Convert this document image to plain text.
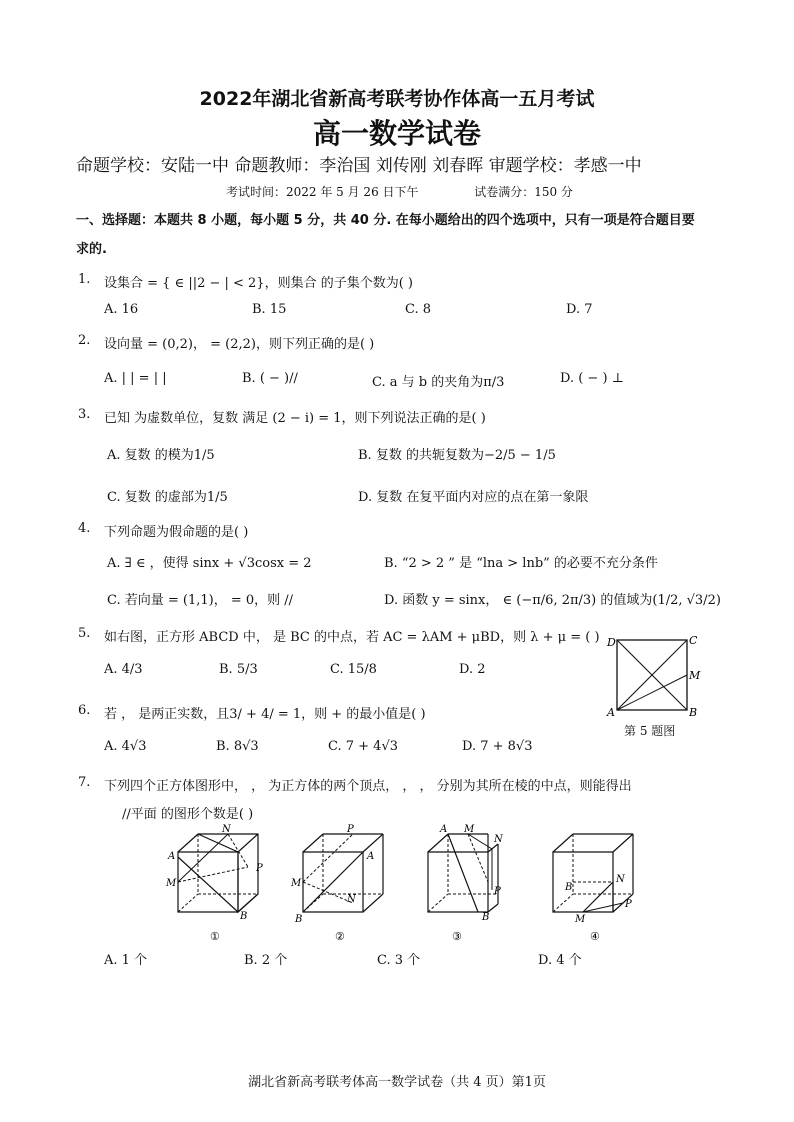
2022年湖北省新高考联考协作体高一五月考试
高一数学试卷
命题学校：安陆一中 命题教师：李治国 刘传刚 刘春晖 审题学校：孝感一中
考试时间：2022 年 5 月 26 日下午	试卷满分：150 分
一、选择题：本题共 8 小题，每小题 5 分，共 40 分. 在每小题给出的四个选项中，只有一项是符合题目要
求的.
1. 设集合 = { ∈ ||2 − | < 2}，则集合 的子集个数为( )
A. 16	B. 15	C. 8	D. 7
2. 设向量 = (0,2)， = (2,2)，则下列正确的是( )
A. | | = | |	B. ( − )//	C. a 与 b 的夹角为π/3	D. ( − ) ⊥
3. 已知 为虚数单位，复数 满足 (2 − i) = 1，则下列说法正确的是( )
A. 复数 的模为1/5	B. 复数 的共轭复数为−2/5 − 1/5
C. 复数 的虚部为1/5	D. 复数 在复平面内对应的点在第一象限
4. 下列命题为假命题的是( )
A. ∃ ∈ ，使得 sinx + √3cosx = 2	B. “2 > 2 ” 是 “lna > lnb” 的必要不充分条件
C. 若向量 = (1,1)， = 0，则 //	D. 函数 y = sinx， ∈ (−π/6, 2π/3) 的值域为(1/2, √3/2)
5. 如右图，正方形 ABCD 中， 是 BC 的中点，若 AC = λAM + μBD，则 λ + μ = ( )
A. 4/3	B. 5/3	C. 15/8	D. 2
D	C
M
A	B
第 5 题图
6. 若 ， 是两正实数，且3/ + 4/ = 1，则 + 的最小值是( )
A. 4√3	B. 8√3	C. 7 + 4√3	D. 7 + 8√3
7. 下列四个正方体图形中， ， 为正方体的两个顶点， ， ， 分别为其所在棱的中点，则能得出
//平面 的图形个数是( )
N
A
M
P
B
①
P
A
M
N
B
②
A M
N
P
B
③
B
N
P
M
④
A. 1 个	B. 2 个	C. 3 个	D. 4 个
湖北省新高考联考体高一数学试卷（共 4 页）第1页
